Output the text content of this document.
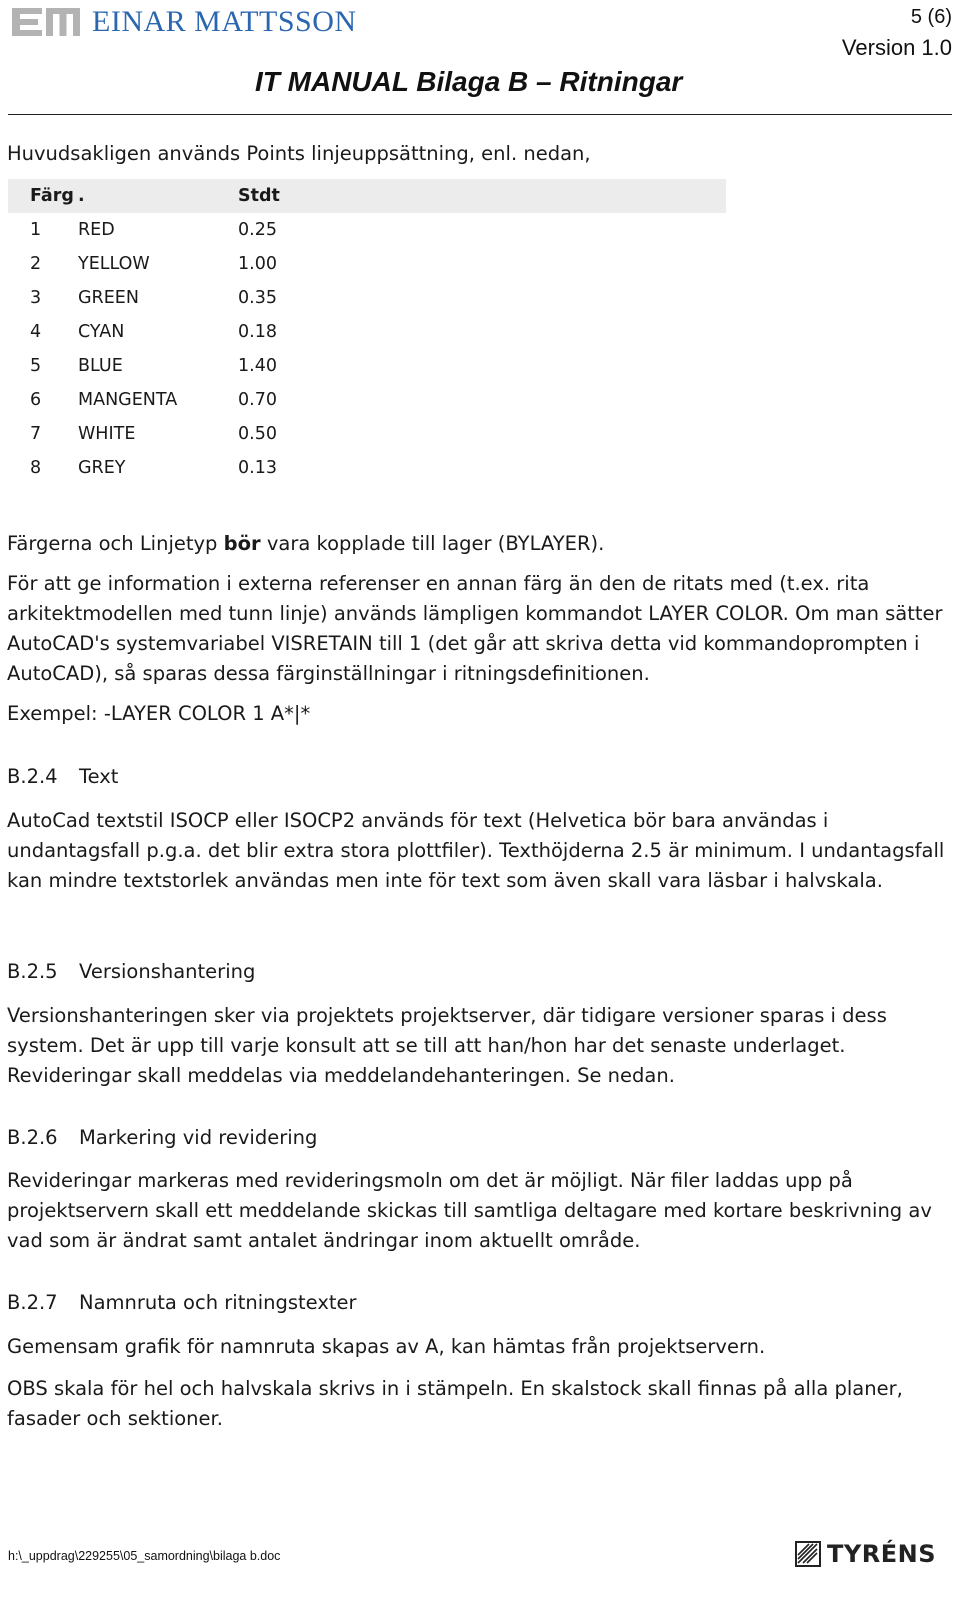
EINAR MATTSSON	5 (6)
Version 1.0
IT MANUAL Bilaga B – Ritningar
Huvudsakligen används Points linjeuppsättning, enl. nedan,
Färg	.	Stdt
1	RED	0.25
2	YELLOW	1.00
3	GREEN	0.35
4	CYAN	0.18
5	BLUE	1.40
6	MANGENTA	0.70
7	WHITE	0.50
8	GREY	0.13
Färgerna och Linjetyp bör vara kopplade till lager (BYLAYER).
För att ge information i externa referenser en annan färg än den de ritats med (t.ex. rita arkitektmodellen med tunn linje) används lämpligen kommandot LAYER COLOR. Om man sätter AutoCAD's systemvariabel VISRETAIN till 1 (det går att skriva detta vid kommandoprompten i AutoCAD), så sparas dessa färginställningar i ritningsdefinitionen.
Exempel: -LAYER COLOR 1 A*|*
B.2.4 Text
AutoCad textstil ISOCP eller ISOCP2 används för text (Helvetica bör bara användas i undantagsfall p.g.a. det blir extra stora plottfiler). Texthöjderna 2.5 är minimum. I undantagsfall kan mindre textstorlek användas men inte för text som även skall vara läsbar i halvskala.
B.2.5 Versionshantering
Versionshanteringen sker via projektets projektserver, där tidigare versioner sparas i dess system. Det är upp till varje konsult att se till att han/hon har det senaste underlaget. Revideringar skall meddelas via meddelandehanteringen. Se nedan.
B.2.6 Markering vid revidering
Revideringar markeras med revideringsmoln om det är möjligt. När filer laddas upp på projektservern skall ett meddelande skickas till samtliga deltagare med kortare beskrivning av vad som är ändrat samt antalet ändringar inom aktuellt område.
B.2.7 Namnruta och ritningstexter
Gemensam grafik för namnruta skapas av A, kan hämtas från projektservern.
OBS skala för hel och halvskala skrivs in i stämpeln. En skalstock skall finnas på alla planer, fasader och sektioner.
h:\_uppdrag\229255\05_samordning\bilaga b.doc	TYRÉNS
